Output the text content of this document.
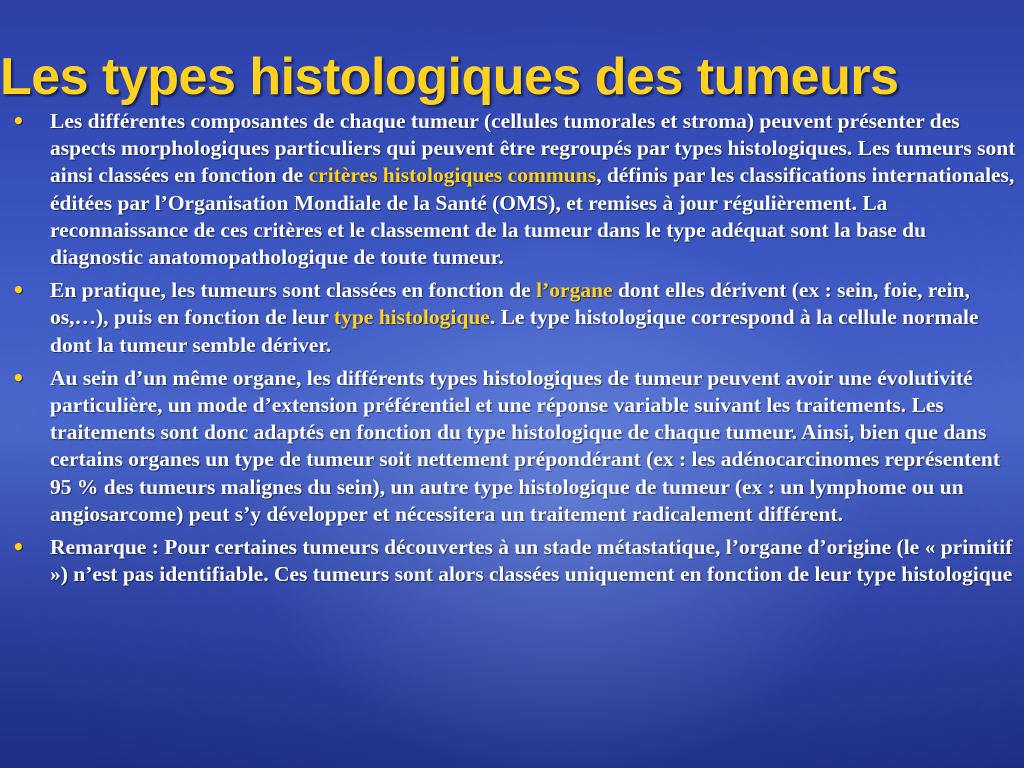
Les types histologiques des tumeurs
• Les différentes composantes de chaque tumeur (cellules tumorales et stroma) peuvent présenter des aspects morphologiques particuliers qui peuvent être regroupés par types histologiques. Les tumeurs sont ainsi classées en fonction de critères histologiques communs, définis par les classifications internationales, éditées par l’Organisation Mondiale de la Santé (OMS), et remises à jour régulièrement. La reconnaissance de ces critères et le classement de la tumeur dans le type adéquat sont la base du diagnostic anatomopathologique de toute tumeur.
• En pratique, les tumeurs sont classées en fonction de l’organe dont elles dérivent (ex : sein, foie, rein, os,…), puis en fonction de leur type histologique. Le type histologique correspond à la cellule normale dont la tumeur semble dériver.
• Au sein d’un même organe, les différents types histologiques de tumeur peuvent avoir une évolutivité particulière, un mode d’extension préférentiel et une réponse variable suivant les traitements. Les traitements sont donc adaptés en fonction du type histologique de chaque tumeur. Ainsi, bien que dans certains organes un type de tumeur soit nettement prépondérant (ex : les adénocarcinomes représentent 95 % des tumeurs malignes du sein), un autre type histologique de tumeur (ex : un lymphome ou un angiosarcome) peut s’y développer et nécessitera un traitement radicalement différent.
• Remarque : Pour certaines tumeurs découvertes à un stade métastatique, l’organe d’origine (le « primitif ») n’est pas identifiable. Ces tumeurs sont alors classées uniquement en fonction de leur type histologique
